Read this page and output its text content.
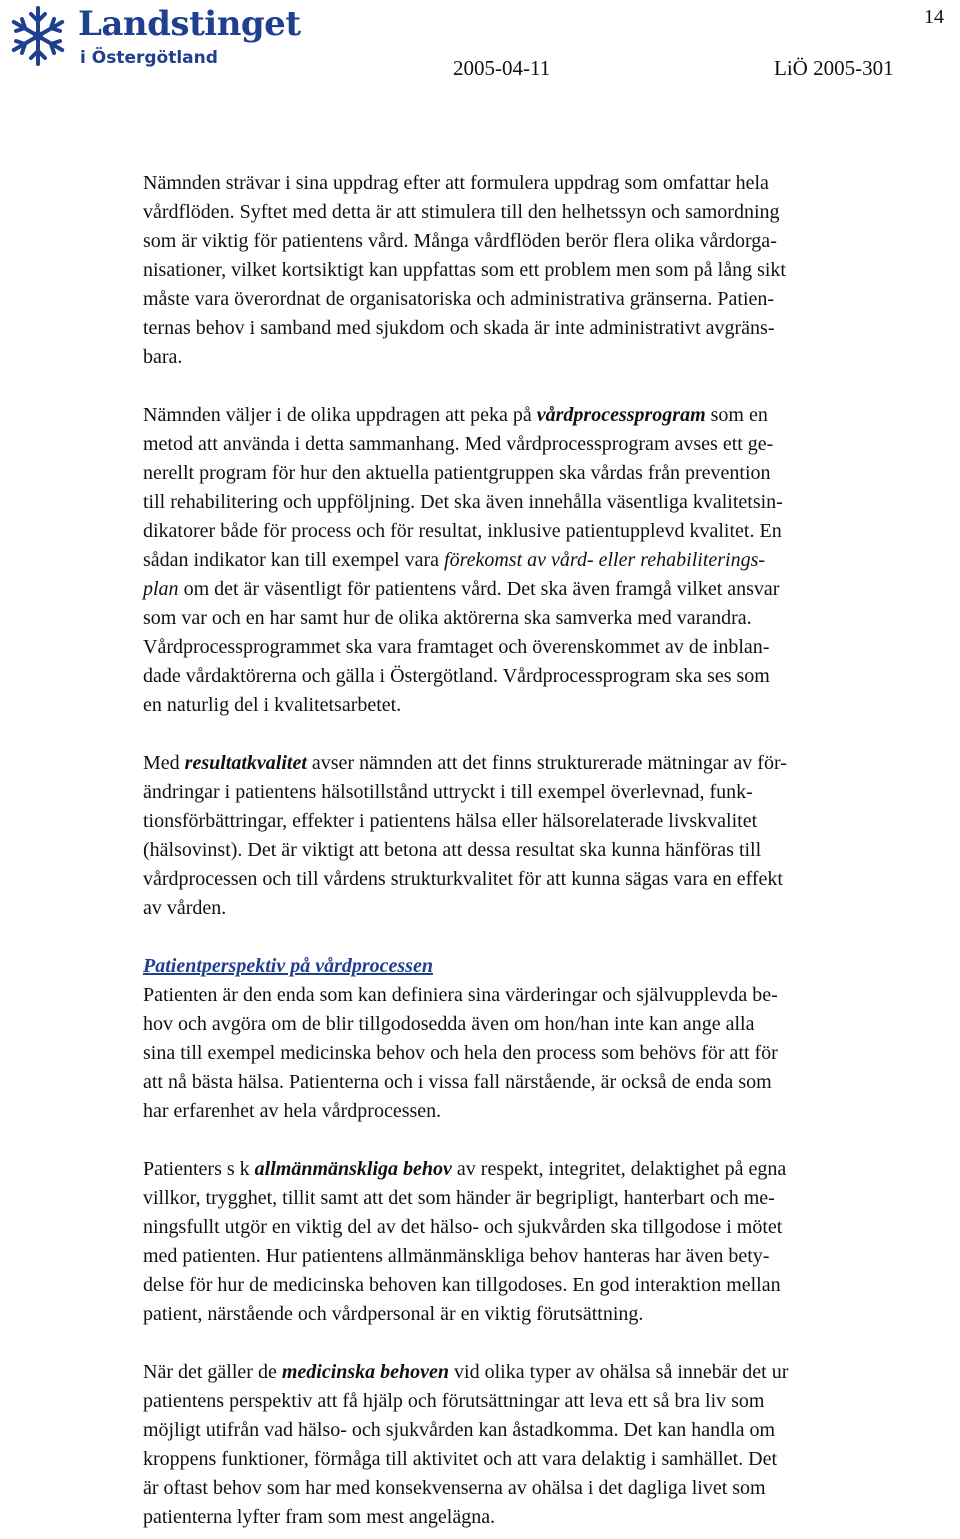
Landstinget
i Östergötland
14
2005-04-11	LiÖ 2005-301

Nämnden strävar i sina uppdrag efter att formulera uppdrag som omfattar hela
vårdflöden. Syftet med detta är att stimulera till den helhetssyn och samordning
som är viktig för patientens vård. Många vårdflöden berör flera olika vårdorga-
nisationer, vilket kortsiktigt kan uppfattas som ett problem men som på lång sikt
måste vara överordnat de organisatoriska och administrativa gränserna. Patien-
ternas behov i samband med sjukdom och skada är inte administrativt avgräns-
bara.

Nämnden väljer i de olika uppdragen att peka på vårdprocessprogram som en
metod att använda i detta sammanhang. Med vårdprocessprogram avses ett ge-
nerellt program för hur den aktuella patientgruppen ska vårdas från prevention
till rehabilitering och uppföljning. Det ska även innehålla väsentliga kvalitetsin-
dikatorer både för process och för resultat, inklusive patientupplevd kvalitet. En
sådan indikator kan till exempel vara förekomst av vård- eller rehabiliterings-
plan om det är väsentligt för patientens vård. Det ska även framgå vilket ansvar
som var och en har samt hur de olika aktörerna ska samverka med varandra.
Vårdprocessprogrammet ska vara framtaget och överenskommet av de inblan-
dade vårdaktörerna och gälla i Östergötland. Vårdprocessprogram ska ses som
en naturlig del i kvalitetsarbetet.

Med resultatkvalitet avser nämnden att det finns strukturerade mätningar av för-
ändringar i patientens hälsotillstånd uttryckt i till exempel överlevnad, funk-
tionsförbättringar, effekter i patientens hälsa eller hälsorelaterade livskvalitet
(hälsovinst). Det är viktigt att betona att dessa resultat ska kunna hänföras till
vårdprocessen och till vårdens strukturkvalitet för att kunna sägas vara en effekt
av vården.

Patientperspektiv på vårdprocessen

Patienten är den enda som kan definiera sina värderingar och självupplevda be-
hov och avgöra om de blir tillgodosedda även om hon/han inte kan ange alla
sina till exempel medicinska behov och hela den process som behövs för att för
att nå bästa hälsa. Patienterna och i vissa fall närstående, är också de enda som
har erfarenhet av hela vårdprocessen.

Patienters s k allmänmänskliga behov av respekt, integritet, delaktighet på egna
villkor, trygghet, tillit samt att det som händer är begripligt, hanterbart och me-
ningsfullt utgör en viktig del av det hälso- och sjukvården ska tillgodose i mötet
med patienten. Hur patientens allmänmänskliga behov hanteras har även bety-
delse för hur de medicinska behoven kan tillgodoses. En god interaktion mellan
patient, närstående och vårdpersonal är en viktig förutsättning.

När det gäller de medicinska behoven vid olika typer av ohälsa så innebär det ur
patientens perspektiv att få hjälp och förutsättningar att leva ett så bra liv som
möjligt utifrån vad hälso- och sjukvården kan åstadkomma. Det kan handla om
kroppens funktioner, förmåga till aktivitet och att vara delaktig i samhället. Det
är oftast behov som har med konsekvenserna av ohälsa i det dagliga livet som
patienterna lyfter fram som mest angelägna.
